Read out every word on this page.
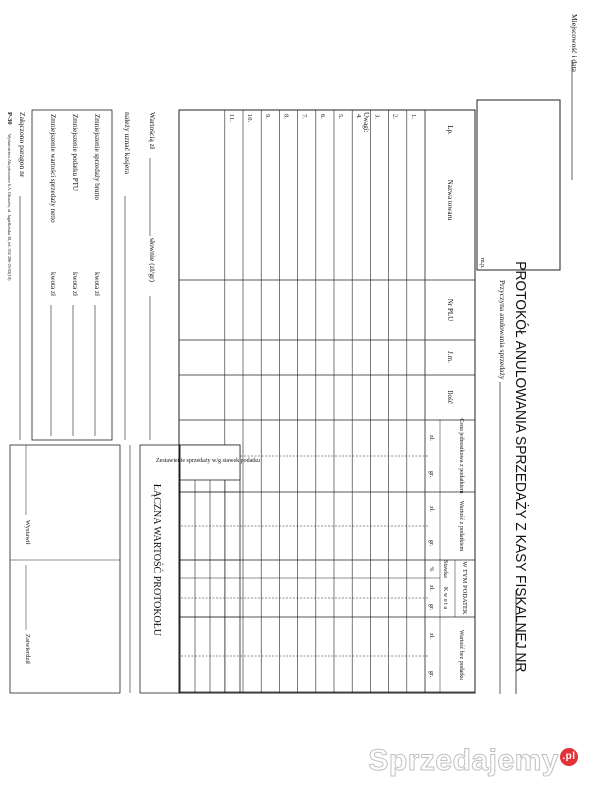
Miejscowość i data
m.p. PROTOKÓŁ ANULOWANIA SPRZEDAŻY Z KASY FISKALNEJ NR
Przyczyna anulowania sprzedaży
Lp.
Nazwa towaru
Nr PLU
J.m.
Ilość
Cena jednostkowa z podatkiem
Wartość z podatkiem
W TYM PODATEK
Stawka
K w o t a
Wartość bez podatku
zł.
gr.
zł.
gr.
%
zł.
gr.
zł.
gr.
1.
2.
3.
4.
5.
6.
7.
8.
9.
10.
11.	Uwagi:
Zestawienie sprzedaży w/g stawek podatku
ŁĄCZNA WARTOŚĆ PROTOKOŁU
Wartością zł
słownie (zł/gr)
należy uznać kasjera
Zmniejszenie sprzedaży brutto
kwota zł
Zmniejszenie podatku PTU
kwota zł
Zmniejszenie wartości sprzedaży netto
kwota zł
Załączono paragon nr
P-30
Wydawnictwo Akcydensowe S.A. Głuszów, ul. Jagiellońska 38, tel. 032 206-25-02(10)
Wystawił
Zatwierdził
Sprzedajemy .pl
